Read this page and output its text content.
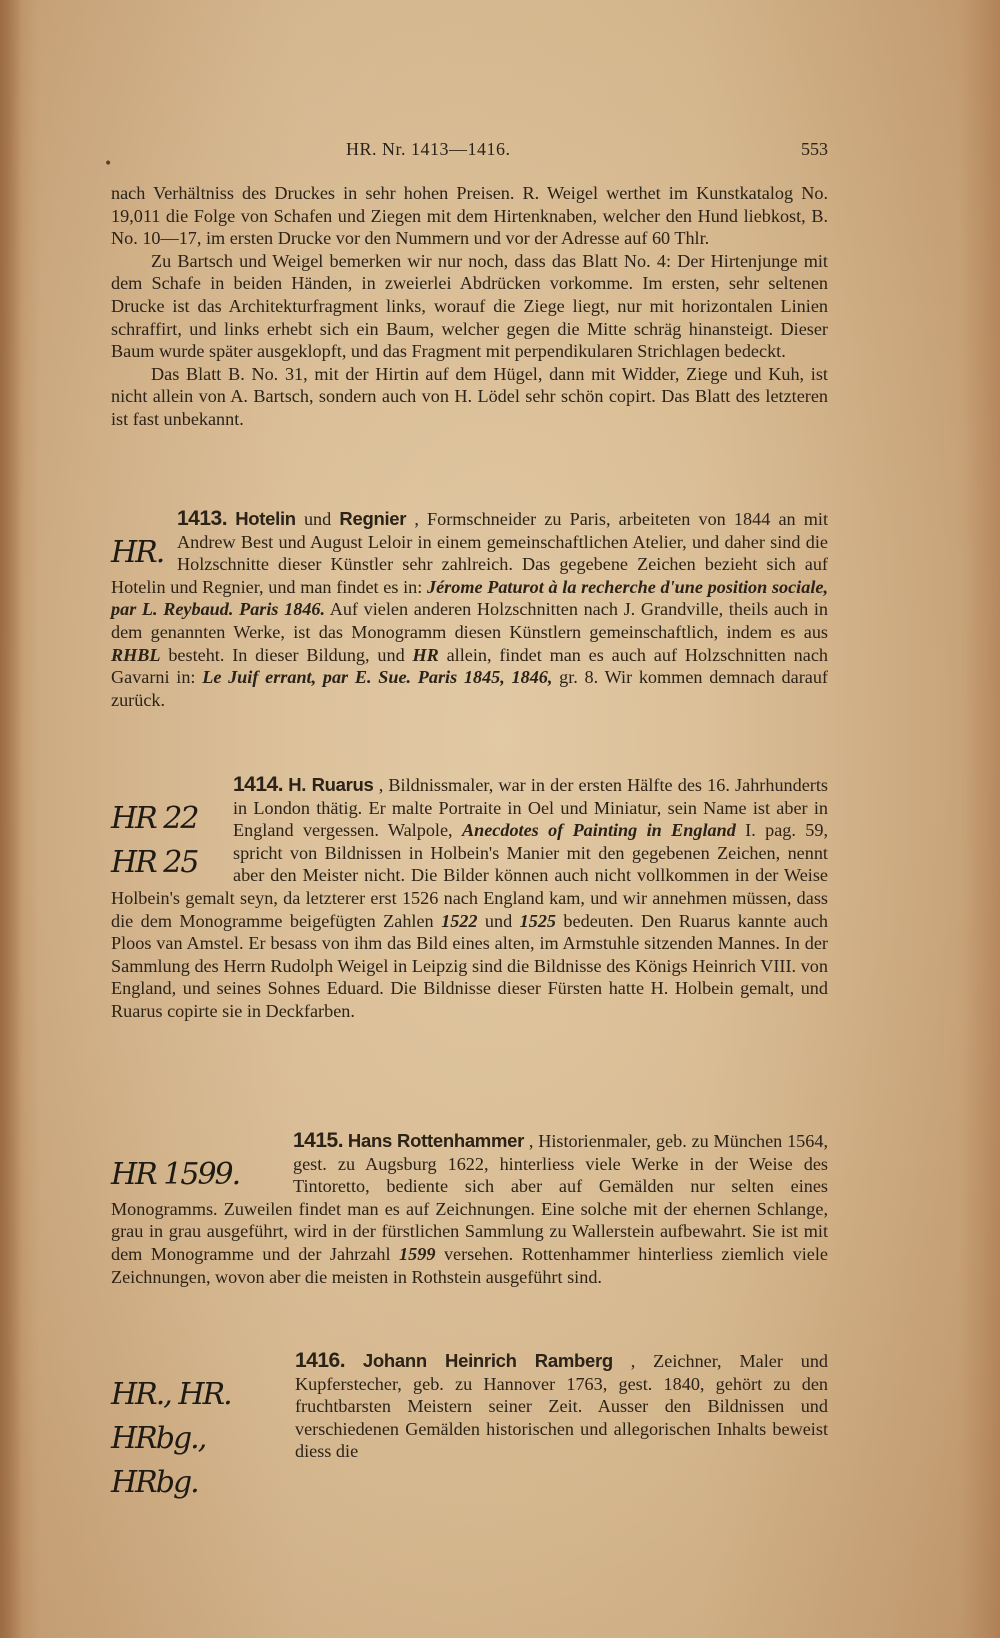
•
HR. Nr. 1413—1416.	553

nach Verhältniss des Druckes in sehr hohen Preisen. R. Weigel werthet im Kunstkatalog No. 19,011 die Folge von Schafen und Ziegen mit dem Hirtenknaben, welcher den Hund liebkost, B. No. 10—17, im ersten Drucke vor den Nummern und vor der Adresse auf 60 Thlr.

Zu Bartsch und Weigel bemerken wir nur noch, dass das Blatt No. 4: Der Hirtenjunge mit dem Schafe in beiden Händen, in zweierlei Abdrücken vorkomme. Im ersten, sehr seltenen Drucke ist das Architekturfragment links, worauf die Ziege liegt, nur mit horizontalen Linien schraffirt, und links erhebt sich ein Baum, welcher gegen die Mitte schräg hinansteigt. Dieser Baum wurde später ausgeklopft, und das Fragment mit perpendikularen Strichlagen bedeckt.

Das Blatt B. No. 31, mit der Hirtin auf dem Hügel, dann mit Widder, Ziege und Kuh, ist nicht allein von A. Bartsch, sondern auch von H. Lödel sehr schön copirt. Das Blatt des letzteren ist fast unbekannt.

HR.

1413. Hotelin und Regnier , Formschneider zu Paris, arbeiteten von 1844 an mit Andrew Best und August Leloir in einem gemeinschaftlichen Atelier, und daher sind die Holzschnitte dieser Künstler sehr zahlreich. Das gegebene Zeichen bezieht sich auf Hotelin und Regnier, und man findet es in: Jérome Paturot à la recherche d'une position sociale, par L. Reybaud. Paris 1846. Auf vielen anderen Holzschnitten nach J. Grandville, theils auch in dem genannten Werke, ist das Monogramm diesen Künstlern gemeinschaftlich, indem es aus RHBL besteht. In dieser Bildung, und HR allein, findet man es auch auf Holzschnitten nach Gavarni in: Le Juif errant, par E. Sue. Paris 1845, 1846, gr. 8. Wir kommen demnach darauf zurück.

HR 22
HR 25

1414. H. Ruarus , Bildnissmaler, war in der ersten Hälfte des 16. Jahrhunderts in London thätig. Er malte Portraite in Oel und Miniatur, sein Name ist aber in England vergessen. Walpole, Anecdotes of Painting in England I. pag. 59, spricht von Bildnissen in Holbein's Manier mit den gegebenen Zeichen, nennt aber den Meister nicht. Die Bilder können auch nicht vollkommen in der Weise Holbein's gemalt seyn, da letzterer erst 1526 nach England kam, und wir annehmen müssen, dass die dem Monogramme beigefügten Zahlen 1522 und 1525 bedeuten. Den Ruarus kannte auch Ploos van Amstel. Er besass von ihm das Bild eines alten, im Armstuhle sitzenden Mannes. In der Sammlung des Herrn Rudolph Weigel in Leipzig sind die Bildnisse des Königs Heinrich VIII. von England, und seines Sohnes Eduard. Die Bildnisse dieser Fürsten hatte H. Holbein gemalt, und Ruarus copirte sie in Deckfarben.

HR 1599.

1415. Hans Rottenhammer , Historienmaler, geb. zu München 1564, gest. zu Augsburg 1622, hinterliess viele Werke in der Weise des Tintoretto, bediente sich aber auf Gemälden nur selten eines Monogramms. Zuweilen findet man es auf Zeichnungen. Eine solche mit der ehernen Schlange, grau in grau ausgeführt, wird in der fürstlichen Sammlung zu Wallerstein aufbewahrt. Sie ist mit dem Monogramme und der Jahrzahl 1599 versehen. Rottenhammer hinterliess ziemlich viele Zeichnungen, wovon aber die meisten in Rothstein ausgeführt sind.

HR., HR.
HRbg., HRbg.

1416. Johann Heinrich Ramberg , Zeichner, Maler und Kupferstecher, geb. zu Hannover 1763, gest. 1840, gehört zu den fruchtbarsten Meistern seiner Zeit. Ausser den Bildnissen und verschiedenen Gemälden historischen und allegorischen Inhalts beweist diess die
